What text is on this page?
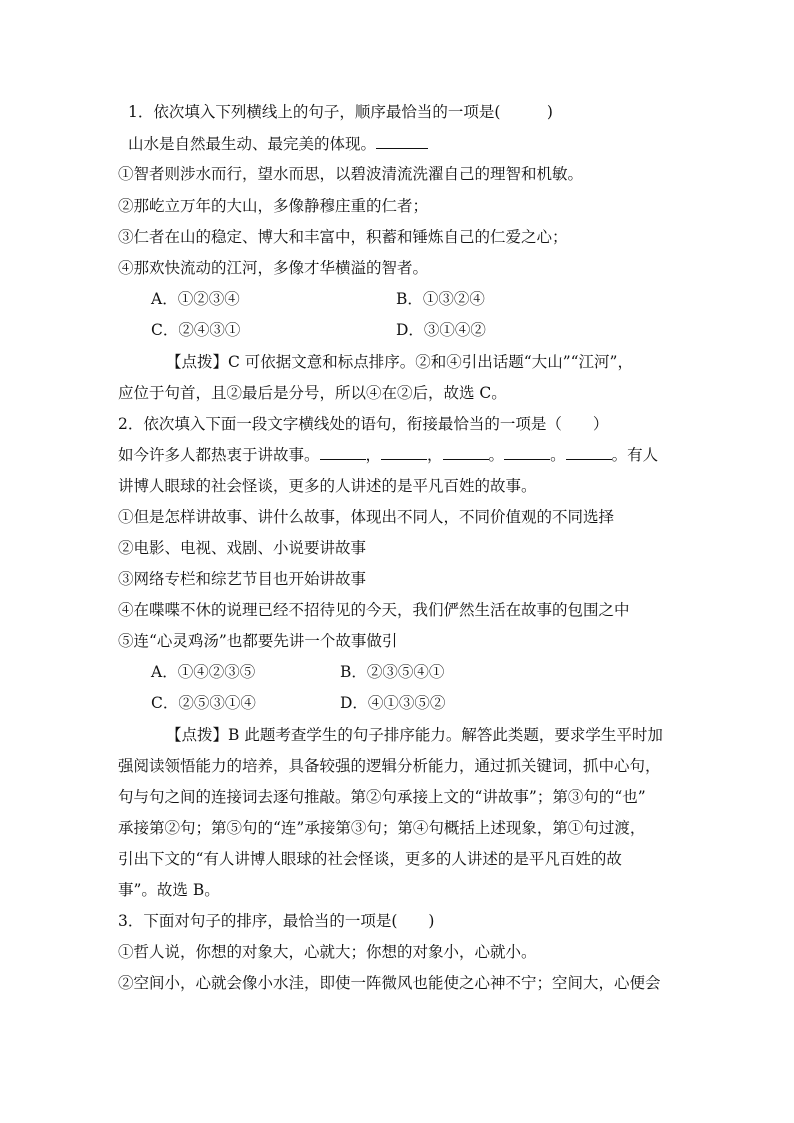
1．依次填入下列横线上的句子，顺序最恰当的一项是(　　　)
山水是自然最生动、最完美的体现。
①智者则涉水而行，望水而思，以碧波清流洗濯自己的理智和机敏。
②那屹立万年的大山，多像静穆庄重的仁者；
③仁者在山的稳定、博大和丰富中，积蓄和锤炼自己的仁爱之心；
④那欢快流动的江河，多像才华横溢的智者。
A．①②③④	B．①③②④
C．②④③①	D．③①④②
【点拨】C 可依据文意和标点排序。②和④引出话题“大山”“江河”，
应位于句首，且②最后是分号，所以④在②后，故选 C。
2．依次填入下面一段文字横线处的语句，衔接最恰当的一项是（　　）
如今许多人都热衷于讲故事。	，	，	。	。	。有人
讲博人眼球的社会怪谈，更多的人讲述的是平凡百姓的故事。
①但是怎样讲故事、讲什么故事，体现出不同人，不同价值观的不同选择
②电影、电视、戏剧、小说要讲故事
③网络专栏和综艺节目也开始讲故事
④在喋喋不休的说理已经不招待见的今天，我们俨然生活在故事的包围之中
⑤连“心灵鸡汤”也都要先讲一个故事做引
A．①④②③⑤	B．②③⑤④①
C．②⑤③①④	D．④①③⑤②
【点拨】B 此题考查学生的句子排序能力。解答此类题，要求学生平时加
强阅读领悟能力的培养，具备较强的逻辑分析能力，通过抓关键词，抓中心句，
句与句之间的连接词去逐句推敲。第②句承接上文的“讲故事”；第③句的“也”
承接第②句；第⑤句的“连”承接第③句；第④句概括上述现象，第①句过渡，
引出下文的“有人讲博人眼球的社会怪谈，更多的人讲述的是平凡百姓的故
事”。故选 B。
3．下面对句子的排序，最恰当的一项是(　　)
①哲人说，你想的对象大，心就大；你想的对象小，心就小。
②空间小，心就会像小水洼，即使一阵微风也能使之心神不宁；空间大，心便会
